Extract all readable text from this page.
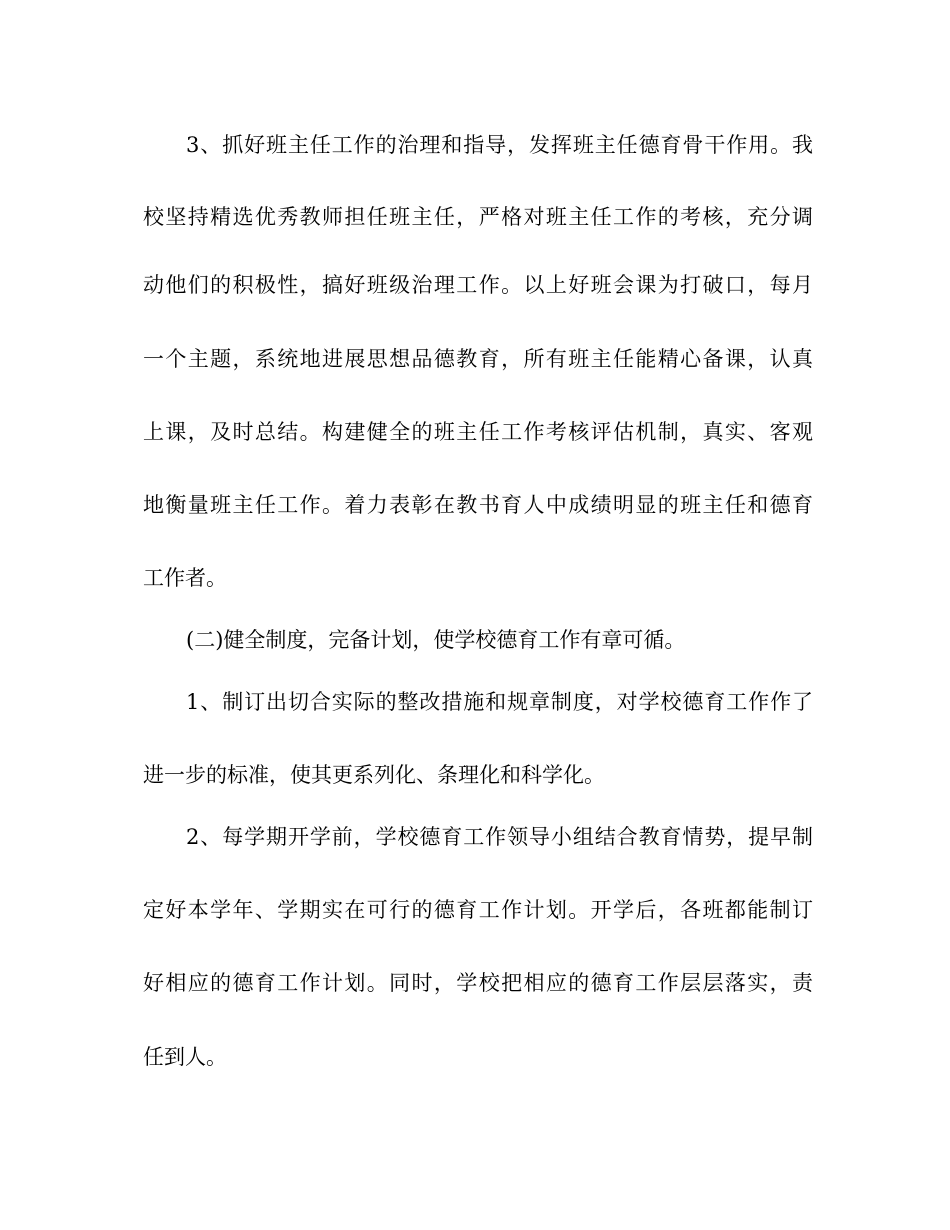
3、抓好班主任工作的治理和指导，发挥班主任德育骨干作用。我
校坚持精选优秀教师担任班主任，严格对班主任工作的考核，充分调
动他们的积极性，搞好班级治理工作。以上好班会课为打破口，每月
一个主题，系统地进展思想品德教育，所有班主任能精心备课，认真
上课，及时总结。构建健全的班主任工作考核评估机制，真实、客观
地衡量班主任工作。着力表彰在教书育人中成绩明显的班主任和德育
工作者。
(二)健全制度，完备计划，使学校德育工作有章可循。
1、制订出切合实际的整改措施和规章制度，对学校德育工作作了
进一步的标准，使其更系列化、条理化和科学化。
2、每学期开学前，学校德育工作领导小组结合教育情势，提早制
定好本学年、学期实在可行的德育工作计划。开学后，各班都能制订
好相应的德育工作计划。同时，学校把相应的德育工作层层落实，责
任到人。
